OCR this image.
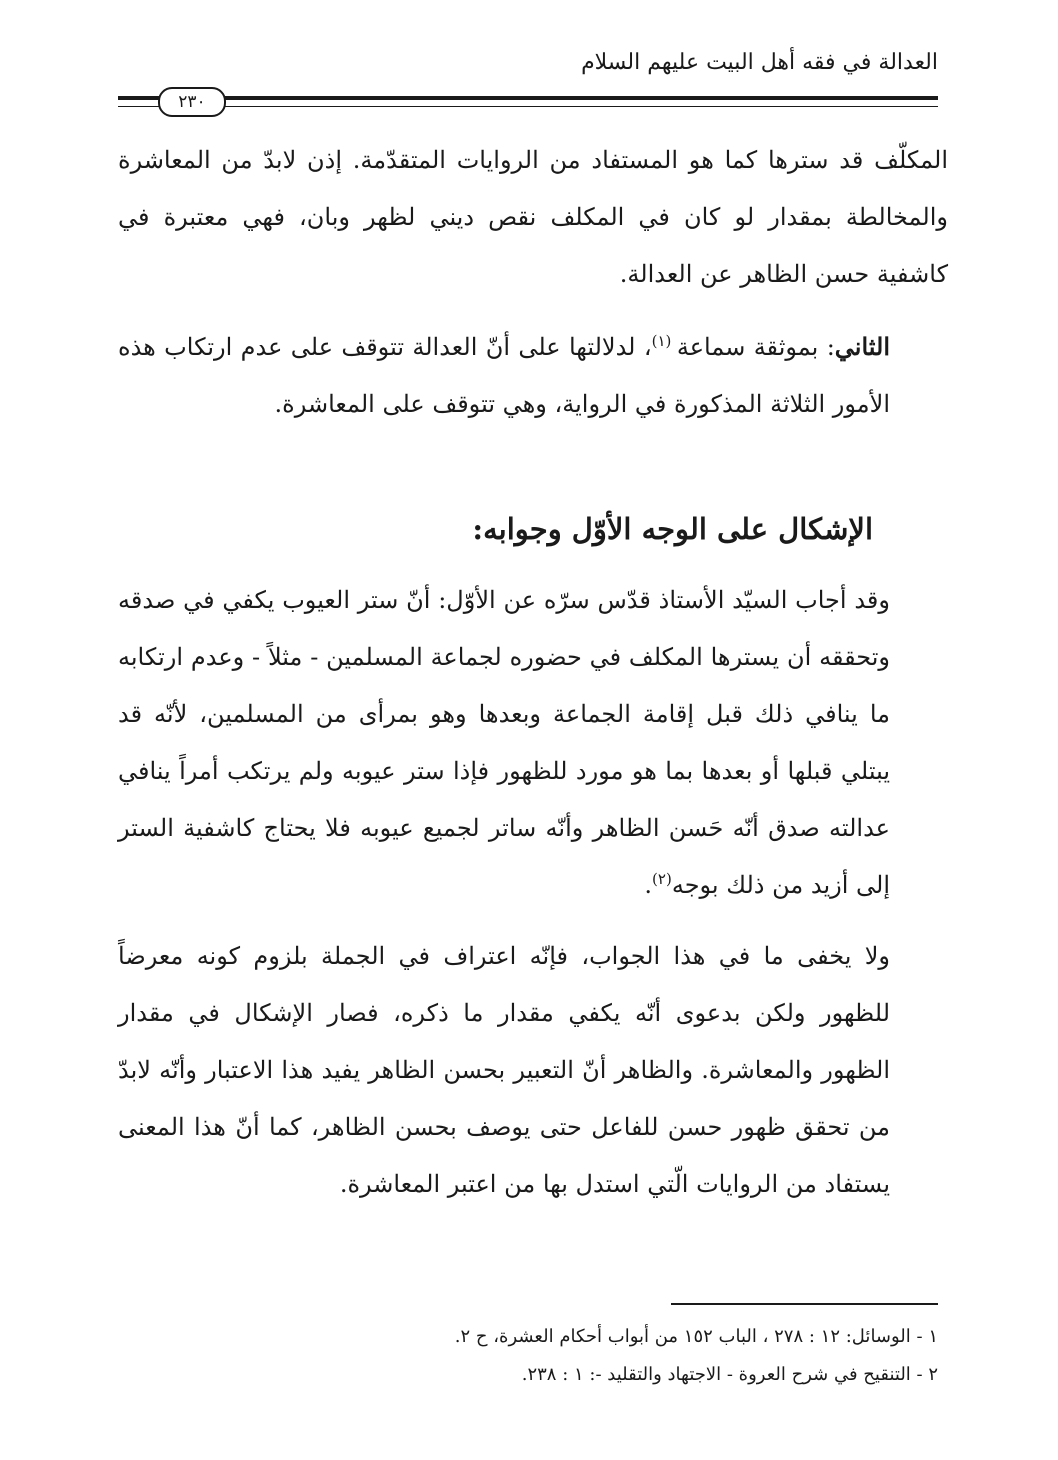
العدالة في فقه أهل البيت عليهم السلام
٢٣٠

المكلّف قد سترها كما هو المستفاد من الروايات المتقدّمة. إذن لابدّ من المعاشرة والمخالطة بمقدار لو كان في المكلف نقص ديني لظهر وبان، فهي معتبرة في كاشفية حسن الظاهر عن العدالة.

الثاني: بموثقة سماعة $^{(١)}$، لدلالتها على أنّ العدالة تتوقف على عدم ارتكاب هذه الأمور الثلاثة المذكورة في الرواية، وهي تتوقف على المعاشرة.

الإشكال على الوجه الأوّل وجوابه:

وقد أجاب السيّد الأستاذ قدّس سرّه عن الأوّل: أنّ ستر العيوب يكفي في صدقه وتحققه أن يسترها المكلف في حضوره لجماعة المسلمين - مثلاً - وعدم ارتكابه ما ينافي ذلك قبل إقامة الجماعة وبعدها وهو بمرأى من المسلمين، لأنّه قد يبتلي قبلها أو بعدها بما هو مورد للظهور فإذا ستر عيوبه ولم يرتكب أمراً ينافي عدالته صدق أنّه حَسن الظاهر وأنّه ساتر لجميع عيوبه فلا يحتاج كاشفية الستر إلى أزيد من ذلك بوجه$^{(٢)}$.

ولا يخفى ما في هذا الجواب، فإنّه اعتراف في الجملة بلزوم كونه معرضاً للظهور ولكن بدعوى أنّه يكفي مقدار ما ذكره، فصار الإشكال في مقدار الظهور والمعاشرة. والظاهر أنّ التعبير بحسن الظاهر يفيد هذا الاعتبار وأنّه لابدّ من تحقق ظهور حسن للفاعل حتى يوصف بحسن الظاهر، كما أنّ هذا المعنى يستفاد من الروايات الّتي استدل بها من اعتبر المعاشرة.

١ - الوسائل: ١٢ : ٢٧٨ ، الباب ١٥٢ من أبواب أحكام العشرة، ح ٢.
٢ - التنقيح في شرح العروة - الاجتهاد والتقليد -: ١ : ٢٣٨.
